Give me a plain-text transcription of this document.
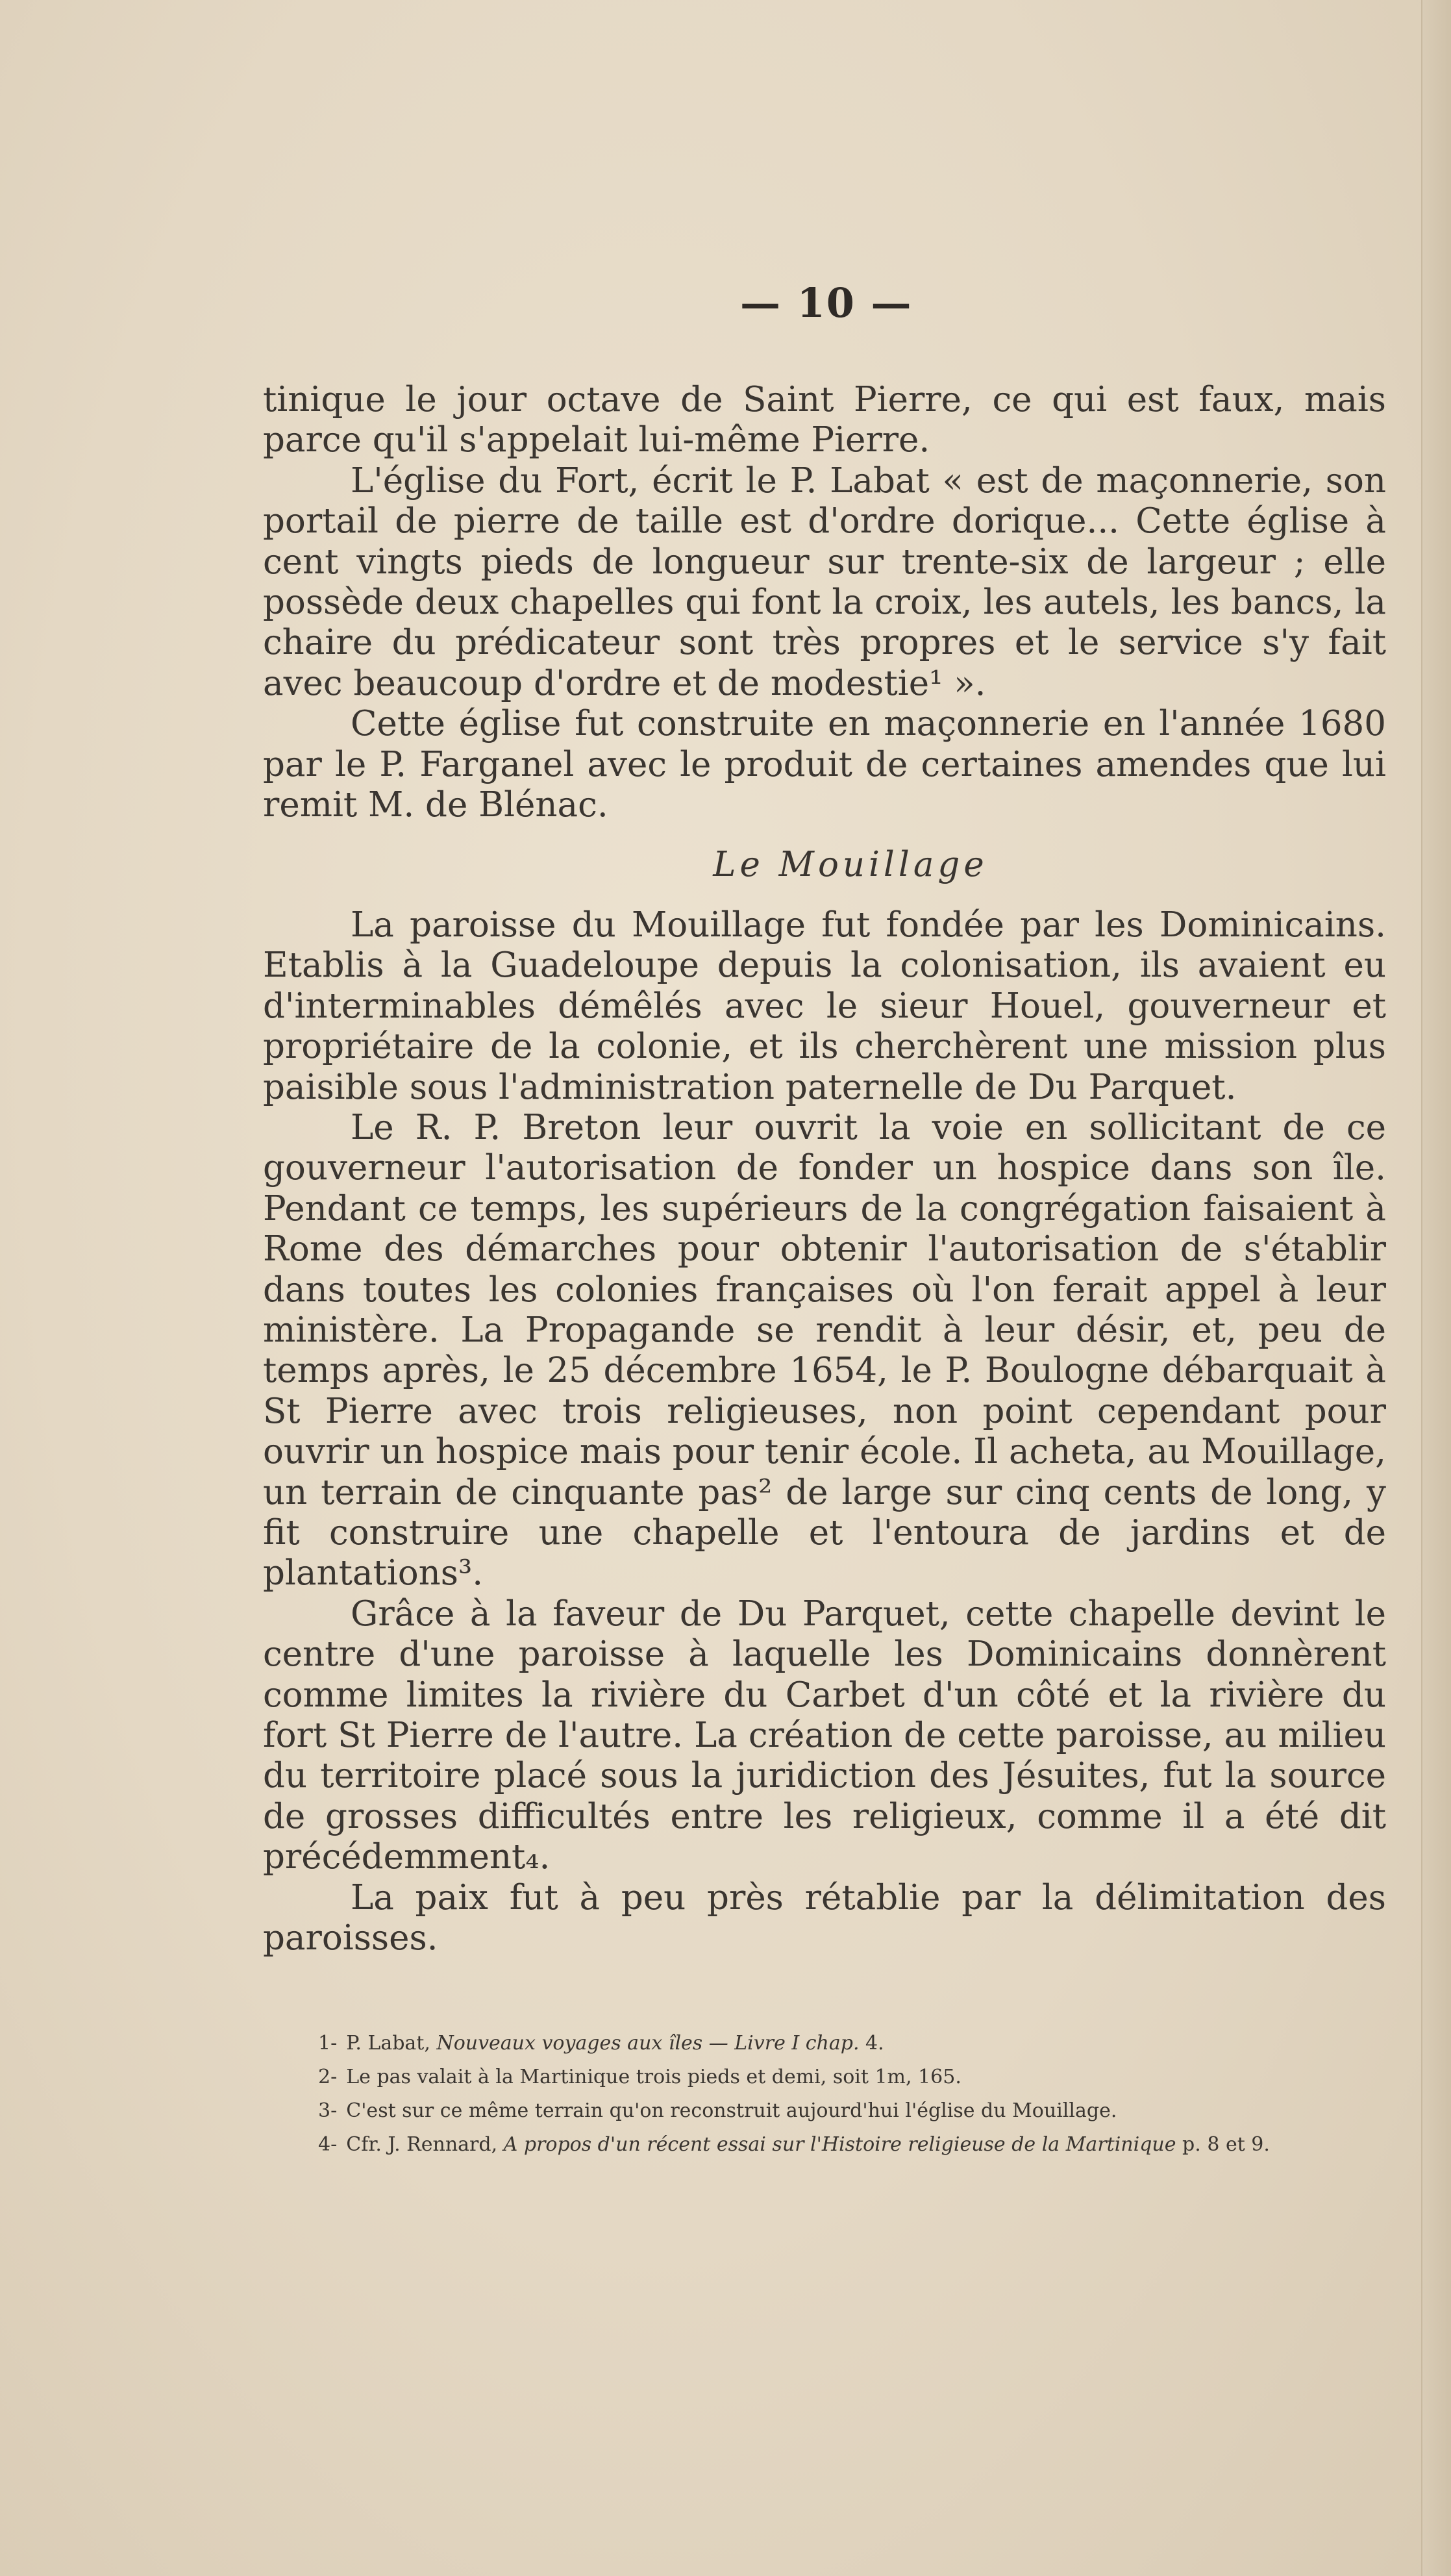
— 10 —

tinique le jour octave de Saint Pierre, ce qui est faux, mais parce qu'il s'appelait lui-même Pierre.

L'église du Fort, écrit le P. Labat « est de maçonnerie, son portail de pierre de taille est d'ordre dorique... Cette église à cent vingts pieds de longueur sur trente-six de largeur ; elle possède deux chapelles qui font la croix, les autels, les bancs, la chaire du prédicateur sont très propres et le service s'y fait avec beaucoup d'ordre et de modestie¹ ».

Cette église fut construite en maçonnerie en l'année 1680 par le P. Farganel avec le produit de certaines amendes que lui remit M. de Blénac.

Le Mouillage

La paroisse du Mouillage fut fondée par les Dominicains. Etablis à la Guadeloupe depuis la colonisation, ils avaient eu d'interminables démêlés avec le sieur Houel, gouverneur et propriétaire de la colonie, et ils cherchèrent une mission plus paisible sous l'administration paternelle de Du Parquet.

Le R. P. Breton leur ouvrit la voie en sollicitant de ce gouverneur l'autorisation de fonder un hospice dans son île. Pendant ce temps, les supérieurs de la congrégation faisaient à Rome des démarches pour obtenir l'autorisation de s'établir dans toutes les colonies françaises où l'on ferait appel à leur ministère. La Propagande se rendit à leur désir, et, peu de temps après, le 25 décembre 1654, le P. Boulogne débarquait à St Pierre avec trois religieuses, non point cependant pour ouvrir un hospice mais pour tenir école. Il acheta, au Mouillage, un terrain de cinquante pas² de large sur cinq cents de long, y fit construire une chapelle et l'entoura de jardins et de plantations³.

Grâce à la faveur de Du Parquet, cette chapelle devint le centre d'une paroisse à laquelle les Dominicains donnèrent comme limites la rivière du Carbet d'un côté et la rivière du fort St Pierre de l'autre. La création de cette paroisse, au milieu du territoire placé sous la juridiction des Jésuites, fut la source de grosses difficultés entre les religieux, comme il a été dit précédemment₄.

La paix fut à peu près rétablie par la délimitation des paroisses.

1- P. Labat, Nouveaux voyages aux îles — Livre I chap. 4.

2- Le pas valait à la Martinique trois pieds et demi, soit 1m, 165.

3- C'est sur ce même terrain qu'on reconstruit aujourd'hui l'église du Mouillage.

4- Cfr. J. Rennard, A propos d'un récent essai sur l'Histoire religieuse de la Martinique p. 8 et 9.
